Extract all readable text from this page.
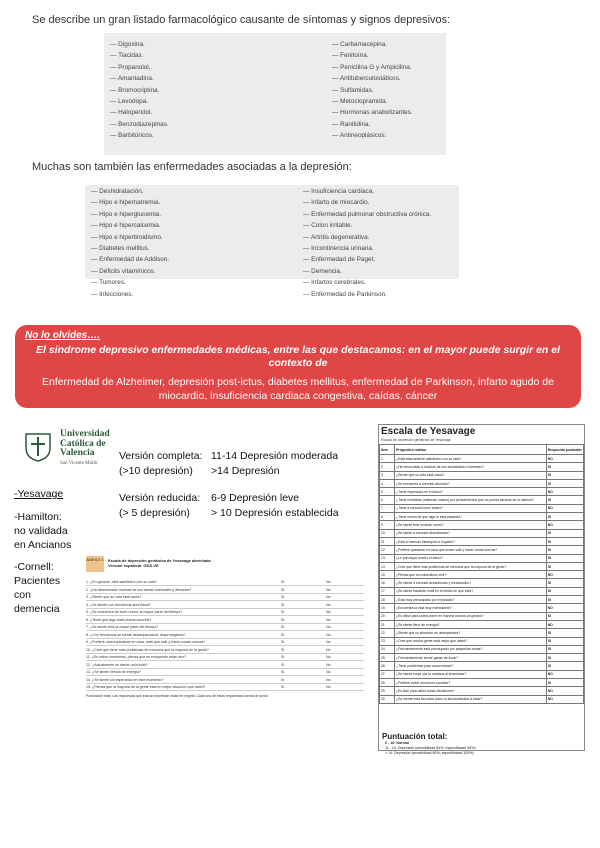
Se describe un gran listado farmacológico causante de síntomas y signos depresivos:
— Digoxina.
— Tiacidas.
— Propanolol.
— Amantadina.
— Bromocriptina.
— Levodopa.
— Haloperidol.
— Benzodiazepinas.
— Barbitúricos.
— Carbamacepina.
— Fenitoína.
— Penicilina G y Ampicilina.
— Antituberculostáticos.
— Sulfamidas.
— Metoclopramida.
— Hormonas anabolizantes.
— Ranitidina.
— Antineoplásicos.
Muchas son también las enfermedades asociadas a la depresión:
— Deshidratación.
— Hipo e hipernatremia.
— Hipo e hiperglucemia.
— Hipo e hipercalcemia.
— Hipo e hipertiroidismo.
— Diabetes mellitus.
— Enfermedad de Addison.
— Déficits vitamínicos.
— Tumores.
— Infecciones.
— Insuficiencia cardiaca.
— Infarto de miocardio.
— Enfermedad pulmonar obstructiva crónica.
— Colon irritable.
— Artritis degenerativa.
— Incontinencia urinaria.
— Enfermedad de Paget.
— Demencia.
— Infartos cerebrales.
— Enfermedad de Parkinson.
No lo olvides….
El síndrome depresivo enfermedades médicas, entre las que destacamos: en el mayor puede surgir en el contexto de
Enfermedad de Alzheimer, depresión post-ictus, diabetes mellitus, enfermedad de Parkinson, infarto agudo de miocardio, insuficiencia cardiaca congestiva, caídas, cáncer
Universidad
Católica de
Valencia
San Vicente Mártir
Versión completa: 11-14 Depresión moderada
(>10 depresión) >14 Depresión
Versión reducida: 6-9 Depresión leve
(> 5 depresión) > 10 Depresión establecida
-Yesavage
-Hamilton:
no validada
en Ancianos
-Cornell:
Pacientes
con
demencia
ANEXO 1 Escala de depresión geriátrica de Yesavage abreviada
Versión española: GDS-VE
1. ¿En general, está satisfecho con su vida?	Sí	No
2. ¿Ha abandonado muchas de sus tareas habituales y aficiones?	Sí	No
3. ¿Siente que su vida está vacía?	Sí	No
4. ¿Se siente con frecuencia aburrido/a?	Sí	No
5. ¿Se encuentra de buen humor la mayor parte del tiempo?	Sí	No
6. ¿Teme que algo malo pueda ocurrirle?	Sí	No
7. ¿Se siente feliz la mayor parte del tiempo?	Sí	No
8. ¿Con frecuencia se siente desamparado/a, desprotegido/a?	Sí	No
9. ¿Prefiere usted quedarse en casa, más que salir y hacer cosas nuevas?	Sí	No
10. ¿Cree que tiene más problemas de memoria que la mayoría de la gente?	Sí	No
11. ¿En estos momentos, piensa que es estupendo estar vivo?	Sí	No
12. ¿Actualmente se siente un/a inútil?	Sí	No
13. ¿Se siente lleno/a de energía?	Sí	No
14. ¿Se siente sin esperanza en este momento?	Sí	No
15. ¿Piensa que la mayoría de la gente está en mejor situación que usted?	Sí	No
Puntuación total: Las respuestas que indican depresión están en negrita. Cada una de estas respuestas cuenta un punto.
Escala de Yesavage
Escala de depresión geriátrica de Yesavage
Item	Pregunta a realizar	Respuesta puntuable
1	¿Está básicamente satisfecho con su vida?	NO
2	¿Ha renunciado a muchas de sus actividades e intereses?	SI
3	¿Siente que su vida está vacía?	SI
4	¿Se encuentra a menudo aburrido?	SI
5	¿Tiene esperanza en el futuro?	NO
6	¿Tiene molestias (malestar, mareo) por pensamientos que no pueda sacarse de la cabeza?	SI
7	¿Tiene a menudo buen ánimo?	NO
8	¿Tiene miedo de que algo le está pasando?	SI
9	¿Se siente feliz muchas veces?	NO
10	¿Se siente a menudo abandonado?	SI
11	¿Está a menudo intranquilo e inquieto?	SI
12	¿Prefiere quedarse en casa que acaso salir y hacer cosas nuevas?	SI
13	¿Le preocupa mucho el futuro?	SI
14	¿Cree que tiene más problemas de memoria que la mayoría de la gente?	SI
15	¿Piensa que es maravilloso vivir?	NO
16	¿Se siente a menudo desanimado y melancólico?	SI
17	¿Se siente bastante inútil en el medio en que está?	SI
18	¿Está muy preocupado por el pasado?	SI
19	¿Encuentra la vida muy estimulante?	NO
20	¿Es difícil para usted poner en marcha nuevos proyectos?	SI
21	¿Se siente lleno de energía?	NO
22	¿Siente que su situación es desesperada?	SI
23	¿Cree que mucha gente está mejor que usted?	SI
24	¿Frecuentemente está preocupado por pequeñas cosas?	SI
25	¿Frecuentemente siente ganas de llorar?	SI
26	¿Tiene problemas para concentrarse?	SI
27	¿Se siente mejor por la mañana al levantarse?	NO
28	¿Prefiere evitar reuniones sociales?	SI
29	¿Es fácil para usted tomar decisiones?	NO
30	¿Su mente está tan clara como lo acostumbraba a estar?	NO
Puntuación total:
0 - 10: Normal
11 - 14: Depresión (sensibilidad 84%; especificidad 95%)
> 14: Depresión (sensibilidad 80%; especificidad 100%)
